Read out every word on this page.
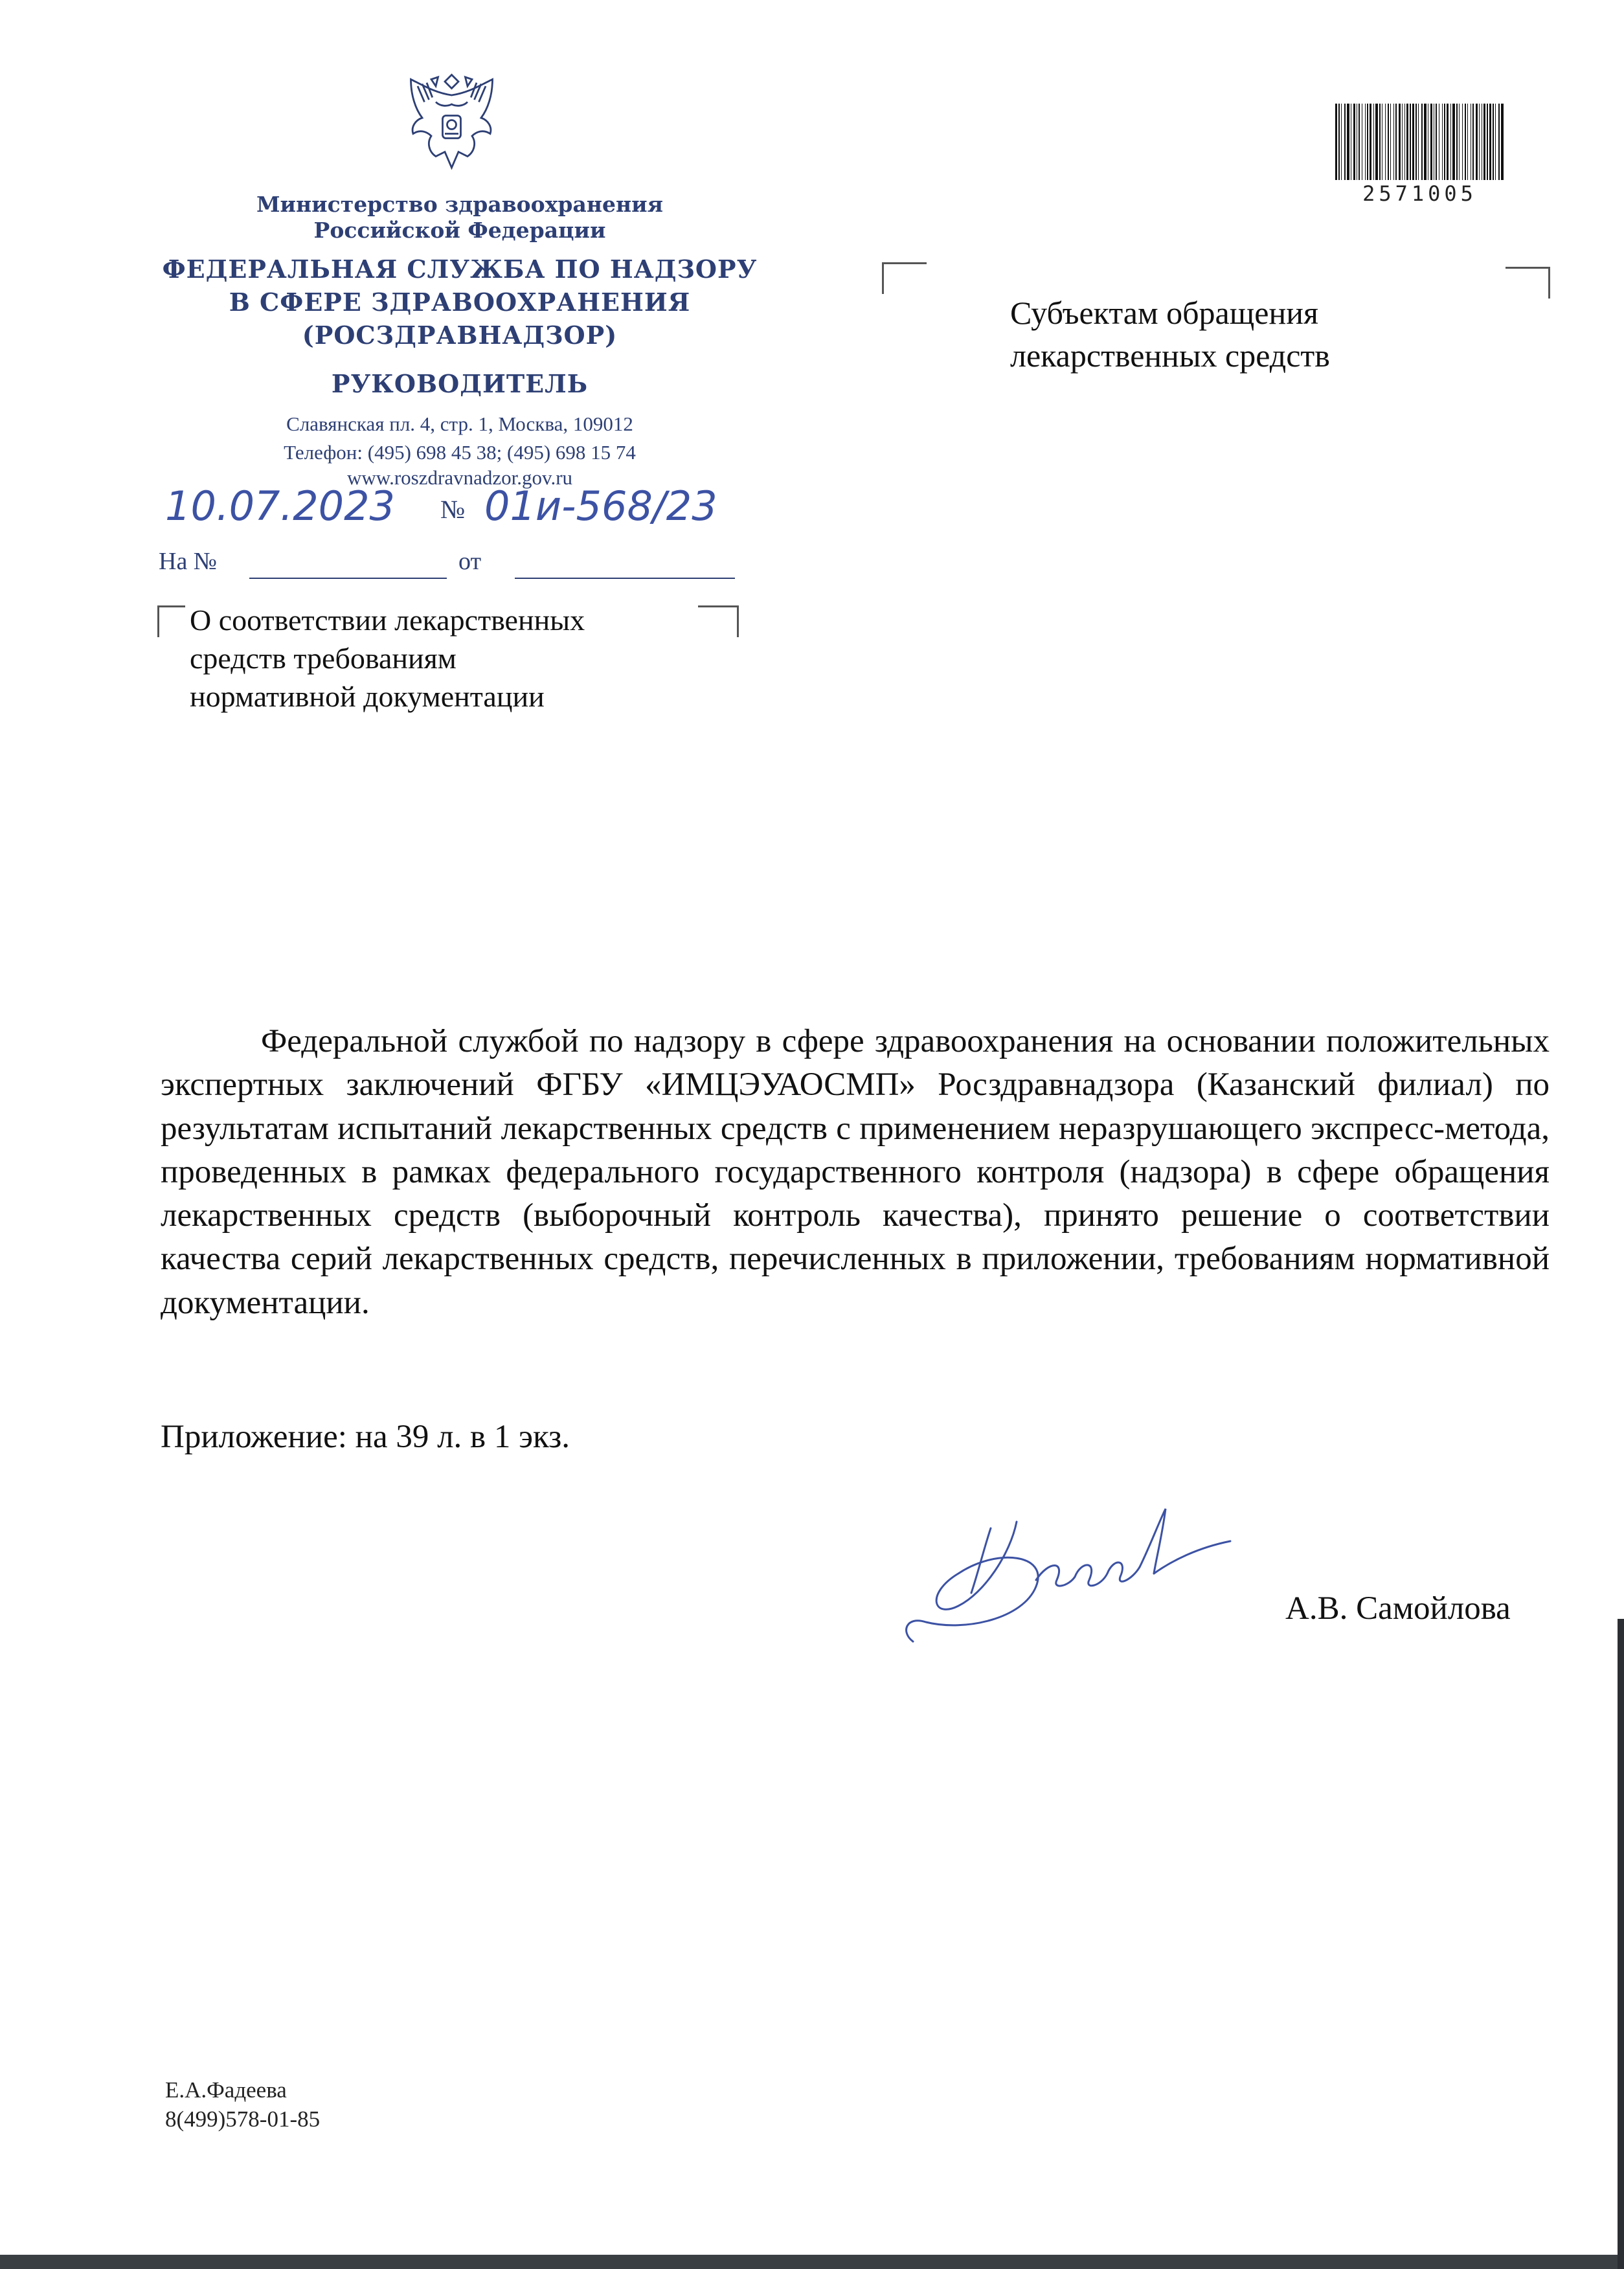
Министерство здравоохранения
Российской Федерации
ФЕДЕРАЛЬНАЯ СЛУЖБА ПО НАДЗОРУ
В СФЕРЕ ЗДРАВООХРАНЕНИЯ
(РОСЗДРАВНАДЗОР)
РУКОВОДИТЕЛЬ
Славянская пл. 4, стр. 1, Москва, 109012
Телефон: (495) 698 45 38; (495) 698 15 74
www.roszdravnadzor.gov.ru
10.07.2023 № 01и-568/23
На №	от
2571005
Субъектам обращения
лекарственных средств
О соответствии лекарственных
средств требованиям
нормативной документации

Федеральной службой по надзору в сфере здравоохранения на основании положительных экспертных заключений ФГБУ «ИМЦЭУАОСМП» Росздравнадзора (Казанский филиал) по результатам испытаний лекарственных средств с применением неразрушающего экспресс-метода, проведенных в рамках федерального государственного контроля (надзора) в сфере обращения лекарственных средств (выборочный контроль качества), принято решение о соответствии качества серий лекарственных средств, перечисленных в приложении, требованиям нормативной документации.

Приложение: на 39 л. в 1 экз.
А.В. Самойлова
Е.А.Фадеева
8(499)578-01-85
